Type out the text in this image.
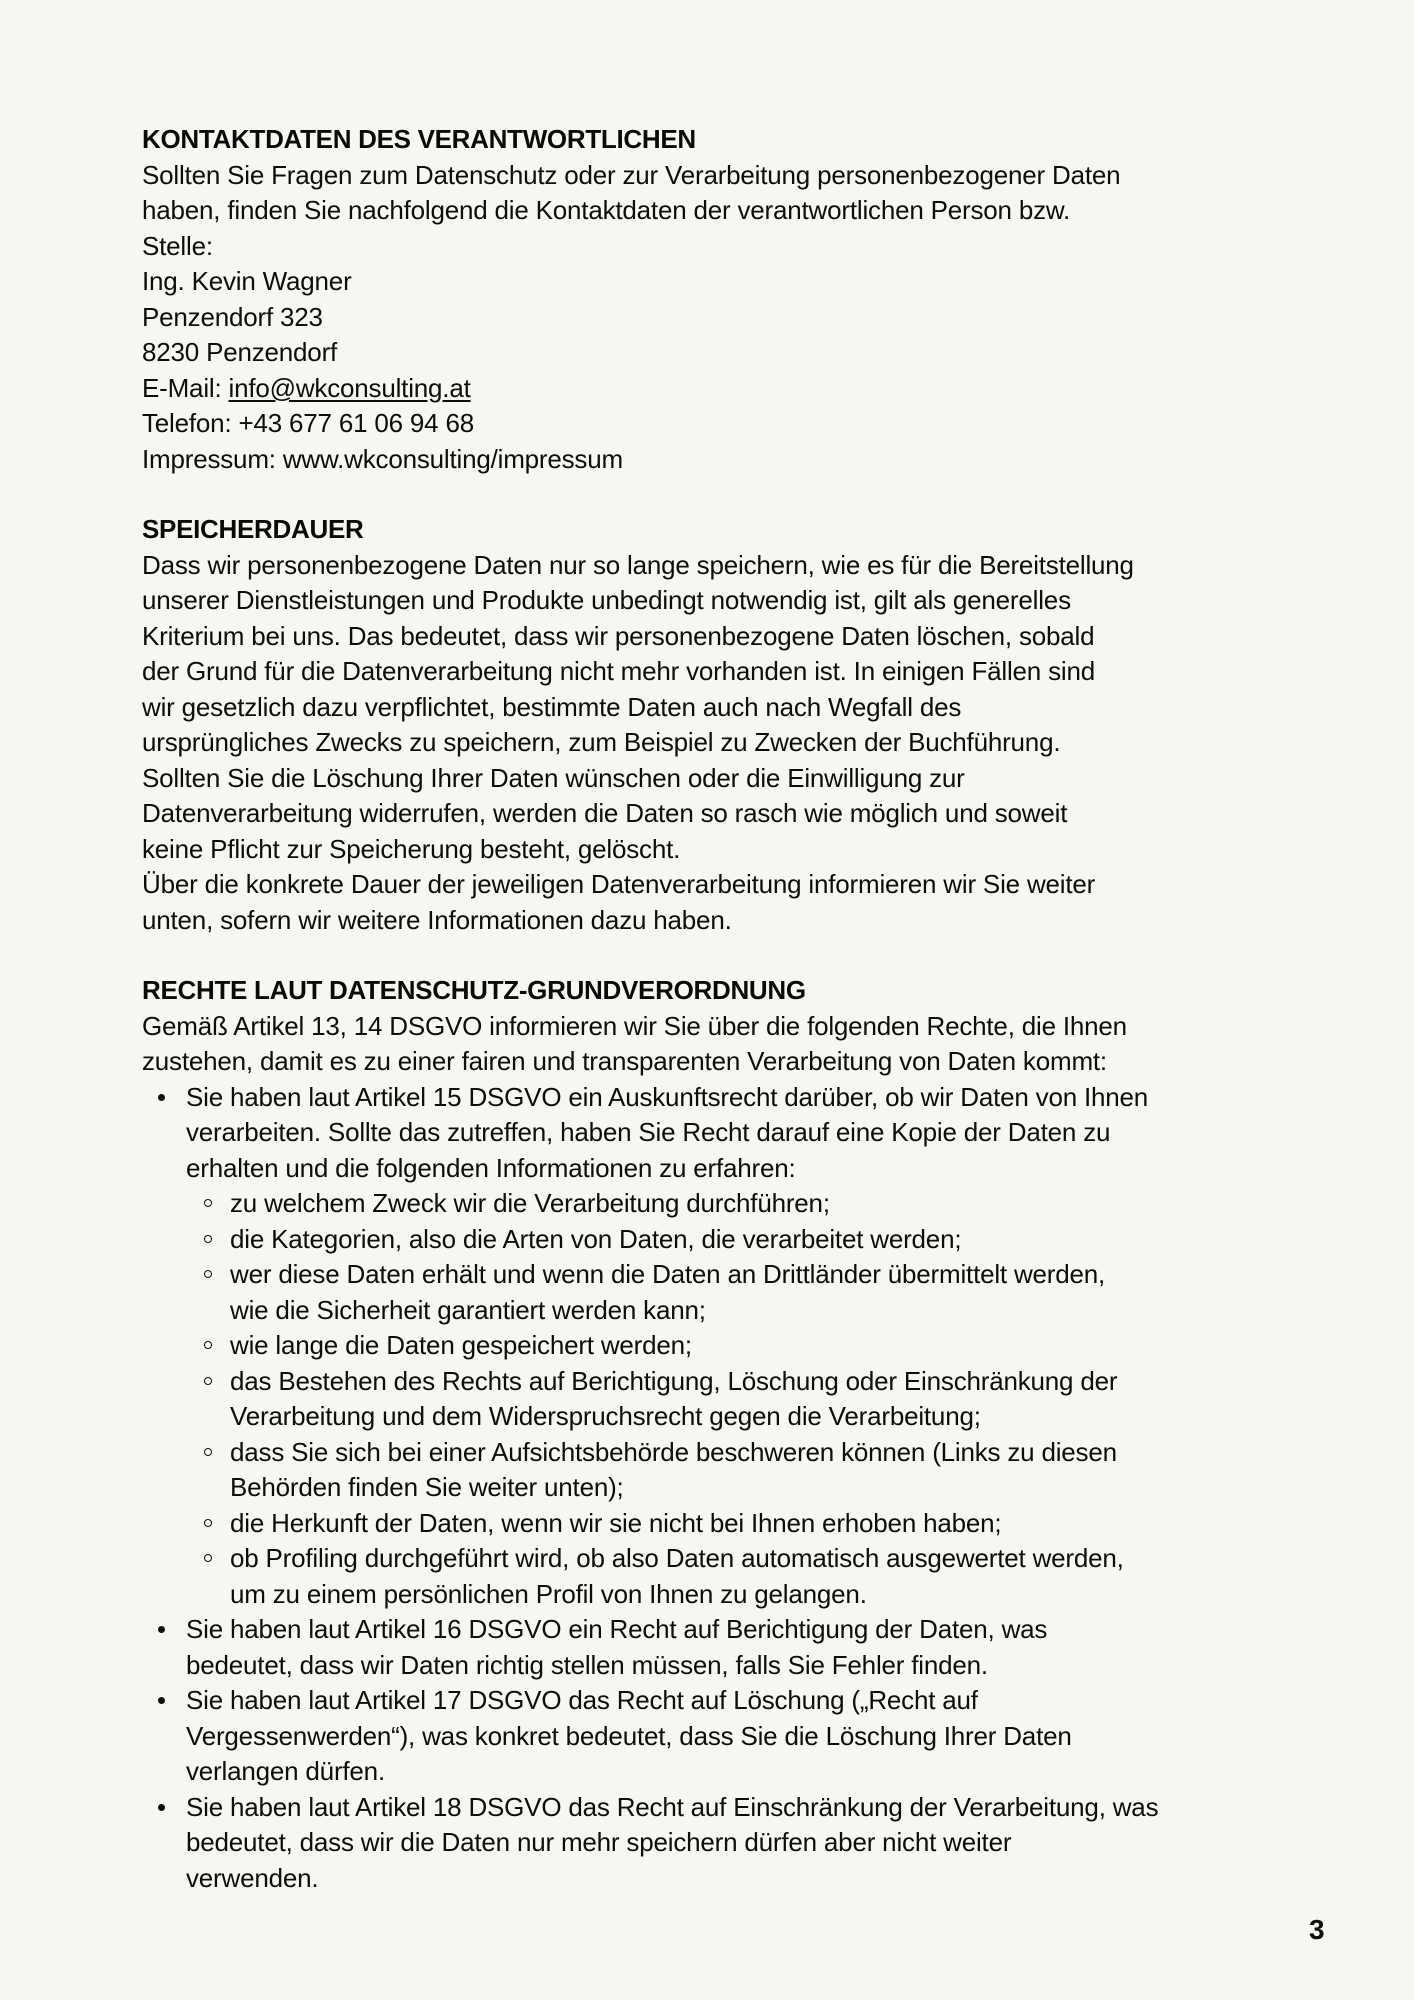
KONTAKTDATEN DES VERANTWORTLICHEN

Sollten Sie Fragen zum Datenschutz oder zur Verarbeitung personenbezogener Daten
haben, finden Sie nachfolgend die Kontaktdaten der verantwortlichen Person bzw.
Stelle:

Ing. Kevin Wagner
Penzendorf 323
8230 Penzendorf
E-Mail: info@wkconsulting.at
Telefon: +43 677 61 06 94 68
Impressum: www.wkconsulting/impressum
SPEICHERDAUER

Dass wir personenbezogene Daten nur so lange speichern, wie es für die Bereitstellung
unserer Dienstleistungen und Produkte unbedingt notwendig ist, gilt als generelles
Kriterium bei uns. Das bedeutet, dass wir personenbezogene Daten löschen, sobald
der Grund für die Datenverarbeitung nicht mehr vorhanden ist. In einigen Fällen sind
wir gesetzlich dazu verpflichtet, bestimmte Daten auch nach Wegfall des
ursprüngliches Zwecks zu speichern, zum Beispiel zu Zwecken der Buchführung.
Sollten Sie die Löschung Ihrer Daten wünschen oder die Einwilligung zur
Datenverarbeitung widerrufen, werden die Daten so rasch wie möglich und soweit
keine Pflicht zur Speicherung besteht, gelöscht.
Über die konkrete Dauer der jeweiligen Datenverarbeitung informieren wir Sie weiter
unten, sofern wir weitere Informationen dazu haben.

RECHTE LAUT DATENSCHUTZ-GRUNDVERORDNUNG

Gemäß Artikel 13, 14 DSGVO informieren wir Sie über die folgenden Rechte, die Ihnen
zustehen, damit es zu einer fairen und transparenten Verarbeitung von Daten kommt:

Sie haben laut Artikel 15 DSGVO ein Auskunftsrecht darüber, ob wir Daten von Ihnen
verarbeiten. Sollte das zutreffen, haben Sie Recht darauf eine Kopie der Daten zu
erhalten und die folgenden Informationen zu erfahren:
zu welchem Zweck wir die Verarbeitung durchführen;
die Kategorien, also die Arten von Daten, die verarbeitet werden;
wer diese Daten erhält und wenn die Daten an Drittländer übermittelt werden,
wie die Sicherheit garantiert werden kann;
wie lange die Daten gespeichert werden;
das Bestehen des Rechts auf Berichtigung, Löschung oder Einschränkung der
Verarbeitung und dem Widerspruchsrecht gegen die Verarbeitung;
dass Sie sich bei einer Aufsichtsbehörde beschweren können (Links zu diesen
Behörden finden Sie weiter unten);
die Herkunft der Daten, wenn wir sie nicht bei Ihnen erhoben haben;
ob Profiling durchgeführt wird, ob also Daten automatisch ausgewertet werden,
um zu einem persönlichen Profil von Ihnen zu gelangen.
Sie haben laut Artikel 16 DSGVO ein Recht auf Berichtigung der Daten, was
bedeutet, dass wir Daten richtig stellen müssen, falls Sie Fehler finden.
Sie haben laut Artikel 17 DSGVO das Recht auf Löschung („Recht auf
Vergessenwerden“), was konkret bedeutet, dass Sie die Löschung Ihrer Daten
verlangen dürfen.
Sie haben laut Artikel 18 DSGVO das Recht auf Einschränkung der Verarbeitung, was
bedeutet, dass wir die Daten nur mehr speichern dürfen aber nicht weiter
verwenden.
3
